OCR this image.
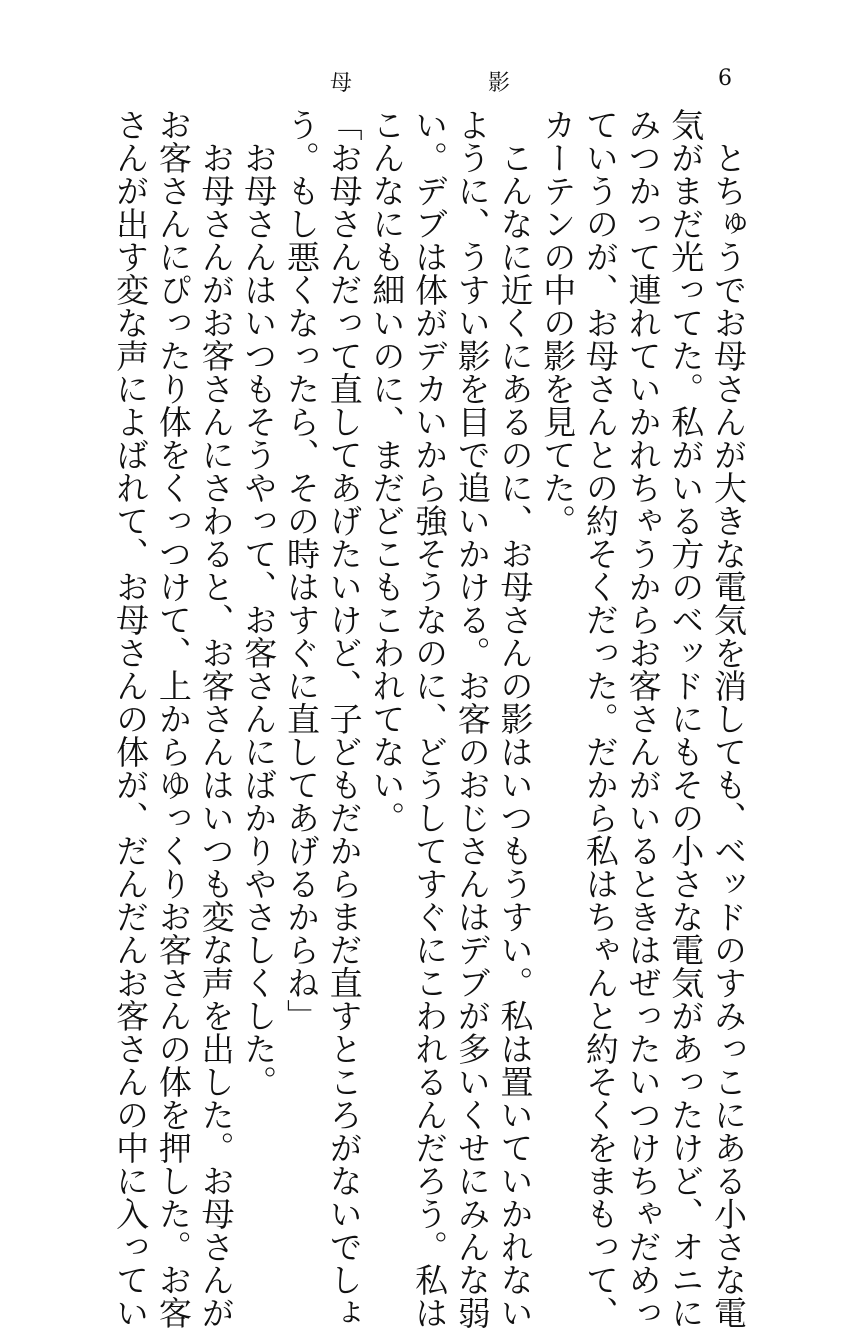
母	影	6

　とちゅうでお母さんが大きな電気を消しても、ベッドのすみっこにある小さな電

気がまだ光ってた。私がいる方のベッドにもその小さな電気があったけど、オニに

みつかって連れていかれちゃうからお客さんがいるときはぜったいつけちゃだめっ

ていうのが、お母さんとの約そくだった。だから私はちゃんと約そくをまもって、

カーテンの中の影を見てた。

　こんなに近くにあるのに、お母さんの影はいつもうすい。私は置いていかれない

ように、うすい影を目で追いかける。お客のおじさんはデブが多いくせにみんな弱

い。デブは体がデカいから強そうなのに、どうしてすぐにこわれるんだろう。私は

こんなにも細いのに、まだどこもこわれてない。

「お母さんだって直してあげたいけど、子どもだからまだ直すところがないでしょ

う。もし悪くなったら、その時はすぐに直してあげるからね」

　お母さんはいつもそうやって、お客さんにばかりやさしくした。

　お母さんがお客さんにさわると、お客さんはいつも変な声を出した。お母さんが

お客さんにぴったり体をくっつけて、上からゆっくりお客さんの体を押した。お客

さんが出す変な声によばれて、お母さんの体が、だんだんお客さんの中に入ってい
